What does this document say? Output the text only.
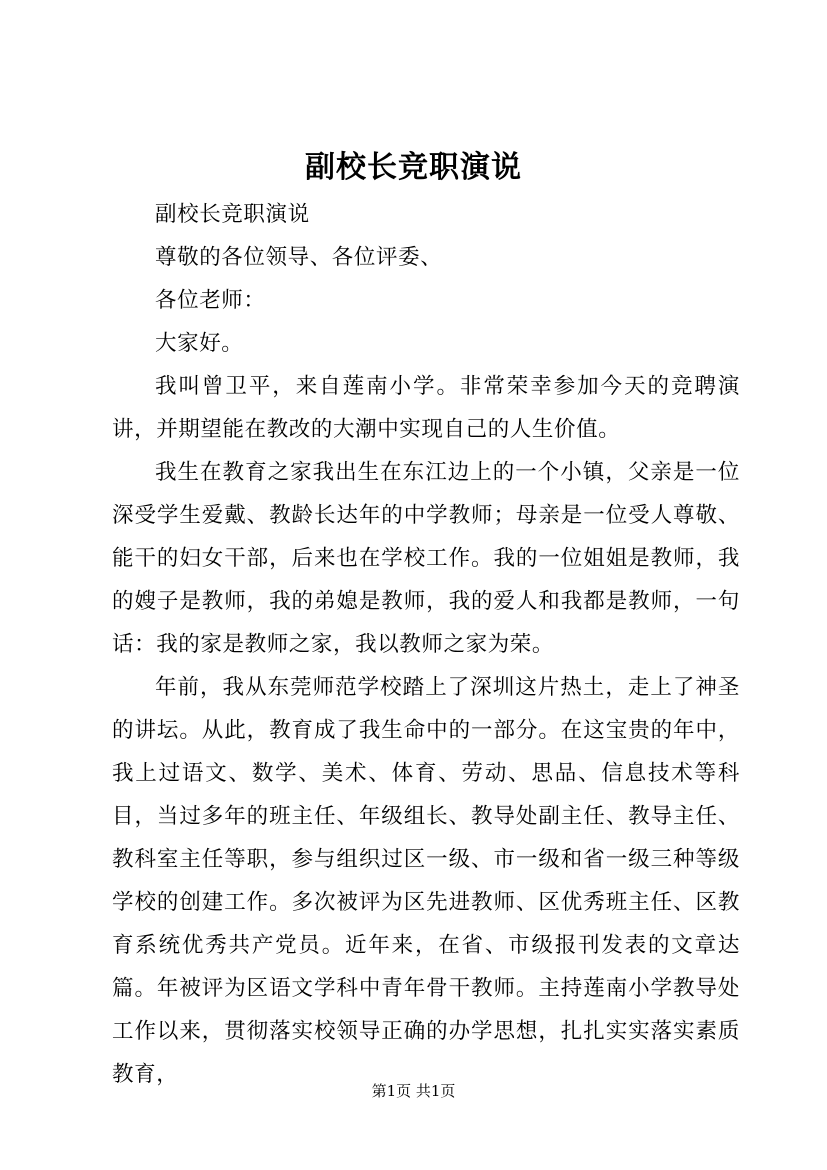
副校长竞职演说

副校长竞职演说

尊敬的各位领导、各位评委、

各位老师：

大家好。

我叫曾卫平，来自莲南小学。非常荣幸参加今天的竞聘演讲，并期望能在教改的大潮中实现自己的人生价值。

我生在教育之家我出生在东江边上的一个小镇，父亲是一位深受学生爱戴、教龄长达年的中学教师；母亲是一位受人尊敬、能干的妇女干部，后来也在学校工作。我的一位姐姐是教师，我的嫂子是教师，我的弟媳是教师，我的爱人和我都是教师，一句话：我的家是教师之家，我以教师之家为荣。

年前，我从东莞师范学校踏上了深圳这片热土，走上了神圣的讲坛。从此，教育成了我生命中的一部分。在这宝贵的年中，我上过语文、数学、美术、体育、劳动、思品、信息技术等科目，当过多年的班主任、年级组长、教导处副主任、教导主任、教科室主任等职，参与组织过区一级、市一级和省一级三种等级学校的创建工作。多次被评为区先进教师、区优秀班主任、区教育系统优秀共产党员。近年来，在省、市级报刊发表的文章达篇。年被评为区语文学科中青年骨干教师。主持莲南小学教导处工作以来，贯彻落实校领导正确的办学思想，扎扎实实落实素质教育，

第1页 共1页
